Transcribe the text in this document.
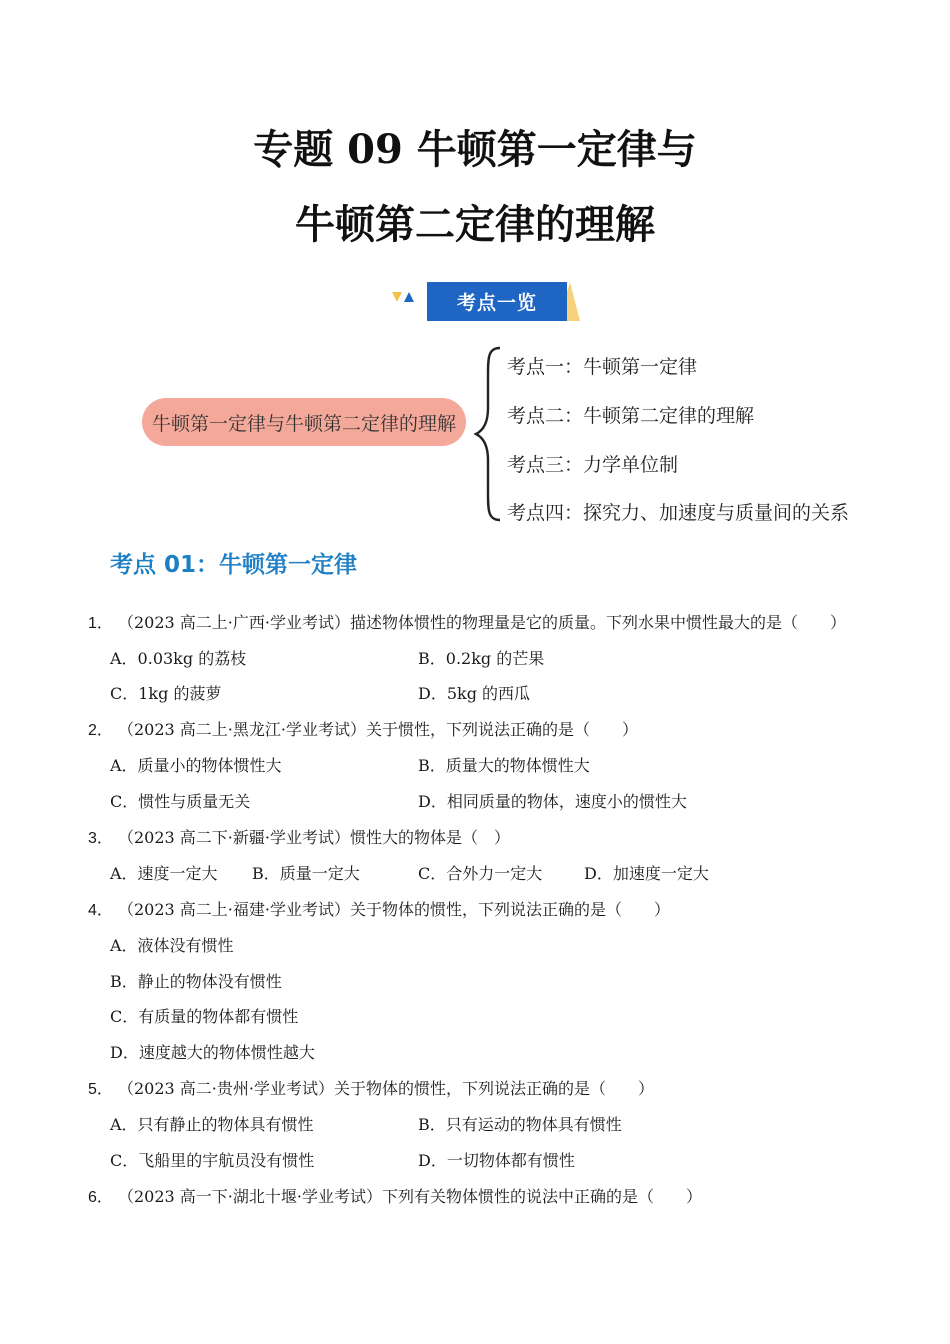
专题 09 牛顿第一定律与
牛顿第二定律的理解
考点一览
牛顿第一定律与牛顿第二定律的理解
考点一：牛顿第一定律
考点二：牛顿第二定律的理解
考点三：力学单位制
考点四：探究力、加速度与质量间的关系
考点 01：牛顿第一定律
1． （2023 高二上·广西·学业考试）描述物体惯性的物理量是它的质量。下列水果中惯性最大的是（　　）
A．0.03kg 的荔枝	B．0.2kg 的芒果
C．1kg 的菠萝	D．5kg 的西瓜
2． （2023 高二上·黑龙江·学业考试）关于惯性，下列说法正确的是（　　）
A．质量小的物体惯性大	B．质量大的物体惯性大
C．惯性与质量无关	D．相同质量的物体，速度小的惯性大
3． （2023 高二下·新疆·学业考试）惯性大的物体是（　）
A．速度一定大 B．质量一定大	C．合外力一定大	D．加速度一定大
4． （2023 高二上·福建·学业考试）关于物体的惯性，下列说法正确的是（　　）
A．液体没有惯性
B．静止的物体没有惯性
C．有质量的物体都有惯性
D．速度越大的物体惯性越大
5． （2023 高二·贵州·学业考试）关于物体的惯性，下列说法正确的是（　　）
A．只有静止的物体具有惯性	B．只有运动的物体具有惯性
C．飞船里的宇航员没有惯性	D．一切物体都有惯性
6． （2023 高一下·湖北十堰·学业考试）下列有关物体惯性的说法中正确的是（　　）
